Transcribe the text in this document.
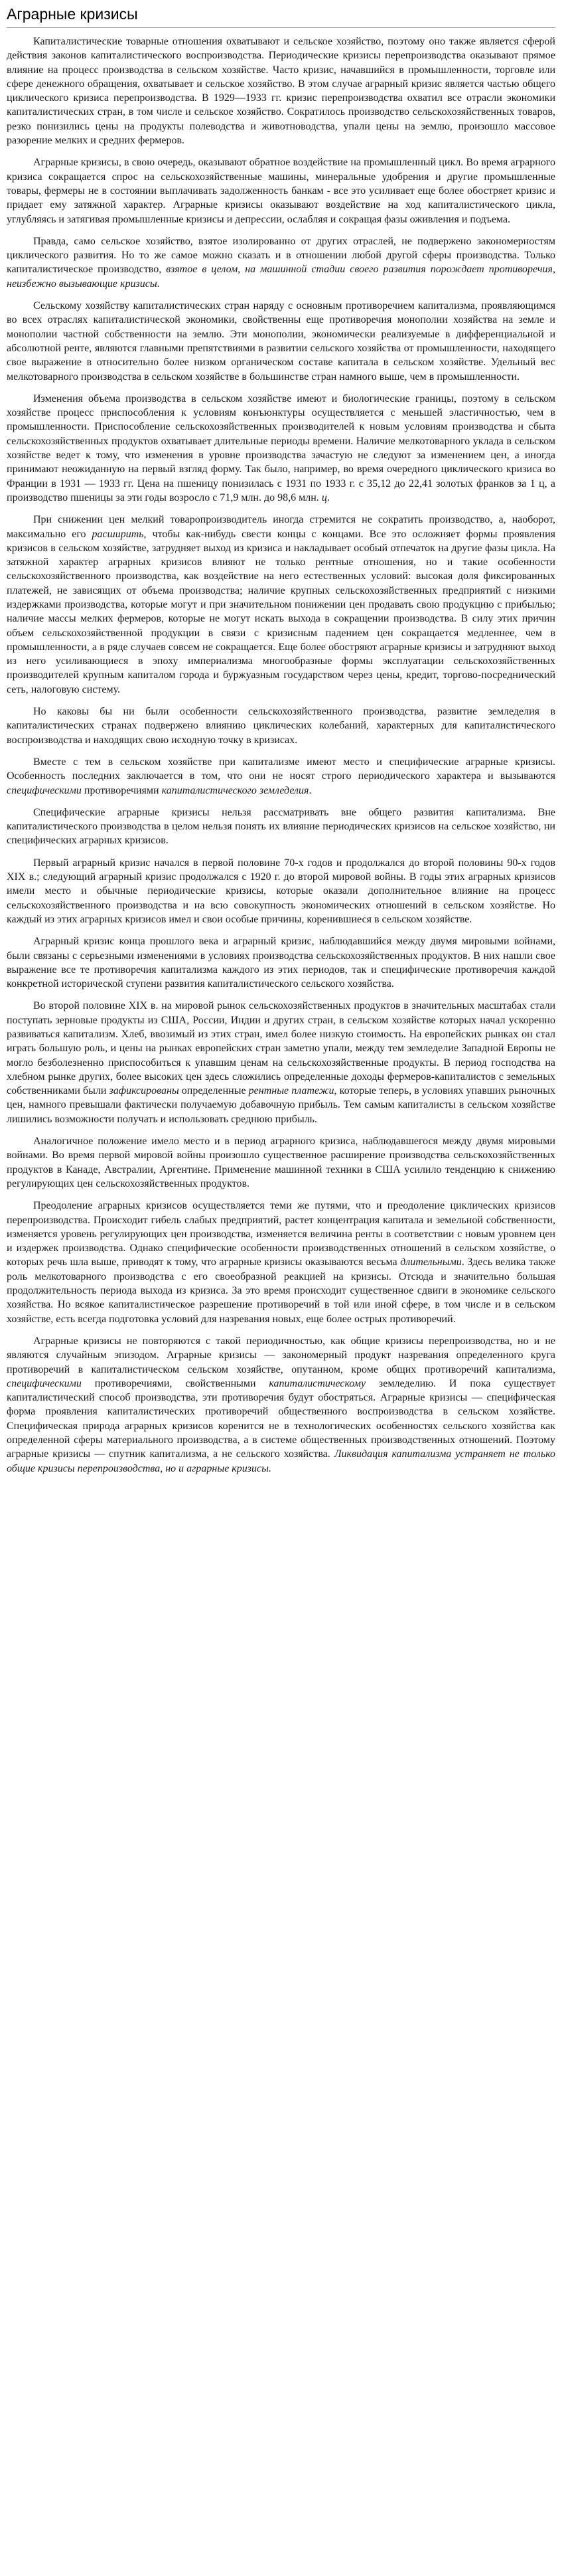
Аграрные кризисы

Капиталистические товарные отношения охватывают и сельское хозяйство, поэтому оно также является сферой действия законов капиталистического воспроизводства. Периодические кризисы перепроизводства оказывают прямое влияние на процесс производства в сельском хозяйстве. Часто кризис, начавшийся в промышленности, торговле или сфере денежного обращения, охватывает и сельское хозяйство. В этом случае аграрный кризис является частью общего циклического кризиса перепроизводства. В 1929—1933 гг. кризис перепроизводства охватил все отрасли экономики капиталистических стран, в том числе и сельское хозяйство. Сократилось производство сельскохозяйственных товаров, резко понизились цены на продукты полеводства и животноводства, упали цены на землю, произошло массовое разорение мелких и средних фермеров.

Аграрные кризисы, в свою очередь, оказывают обратное воздействие на промышленный цикл. Во время аграрного кризиса сокращается спрос на сельскохозяйственные машины, минеральные удобрения и другие промышленные товары, фермеры не в состоянии выплачивать задолженность банкам - все это усиливает еще более обостряет кризис и придает ему затяжной характер. Аграрные кризисы оказывают воздействие на ход капиталистического цикла, углубляясь и затягивая промышленные кризисы и депрессии, ослабляя и сокращая фазы оживления и подъема.

Правда, само сельское хозяйство, взятое изолированно от других отраслей, не подвержено закономерностям циклического развития. Но то же самое можно сказать и в отношении любой другой сферы производства. Только капиталистическое производство, взятое в целом, на машинной стадии своего развития порождает противоречия, неизбежно вызывающие кризисы.

Сельскому хозяйству капиталистических стран наряду с основным противоречием капитализма, проявляющимся во всех отраслях капиталистической экономики, свойственны еще противоречия монополии хозяйства на земле и монополии частной собственности на землю. Эти монополии, экономически реализуемые в дифференциальной и абсолютной ренте, являются главными препятствиями в развитии сельского хозяйства от промышленности, находящего свое выражение в относительно более низком органическом составе капитала в сельском хозяйстве. Удельный вес мелкотоварного производства в сельском хозяйстве в большинстве стран намного выше, чем в промышленности.

Изменения объема производства в сельском хозяйстве имеют и биологические границы, поэтому в сельском хозяйстве процесс приспособления к условиям конъюнктуры осуществляется с меньшей эластичностью, чем в промышленности. Приспособление сельскохозяйственных производителей к новым условиям производства и сбыта сельскохозяйственных продуктов охватывает длительные периоды времени. Наличие мелкотоварного уклада в сельском хозяйстве ведет к тому, что изменения в уровне производства зачастую не следуют за изменением цен, а иногда принимают неожиданную на первый взгляд форму. Так было, например, во время очередного циклического кризиса во Франции в 1931 — 1933 гг. Цена на пшеницу понизилась с 1931 по 1933 г. с 35,12 до 22,41 золотых франков за 1 ц, а производство пшеницы за эти годы возросло с 71,9 млн. до 98,6 млн. ц.

При снижении цен мелкий товаропроизводитель иногда стремится не сократить производство, а, наоборот, максимально его расширить, чтобы как-нибудь свести концы с концами. Все это осложняет формы проявления кризисов в сельском хозяйстве, затрудняет выход из кризиса и накладывает особый отпечаток на другие фазы цикла. На затяжной характер аграрных кризисов влияют не только рентные отношения, но и такие особенности сельскохозяйственного производства, как воздействие на него естественных условий: высокая доля фиксированных платежей, не зависящих от объема производства; наличие крупных сельскохозяйственных предприятий с низкими издержками производства, которые могут и при значительном понижении цен продавать свою продукцию с прибылью; наличие массы мелких фермеров, которые не могут искать выхода в сокращении производства. В силу этих причин объем сельскохозяйственной продукции в связи с кризисным падением цен сокращается медленнее, чем в промышленности, а в ряде случаев совсем не сокращается. Еще более обостряют аграрные кризисы и затрудняют выход из него усиливающиеся в эпоху империализма многообразные формы эксплуатации сельскохозяйственных производителей крупным капиталом города и буржуазным государством через цены, кредит, торгово-посреднический сеть, налоговую систему.

Но каковы бы ни были особенности сельскохозяйственного производства, развитие земледелия в капиталистических странах подвержено влиянию циклических колебаний, характерных для капиталистического воспроизводства и находящих свою исходную точку в кризисах.

Вместе с тем в сельском хозяйстве при капитализме имеют место и специфические аграрные кризисы. Особенность последних заключается в том, что они не носят строго периодического характера и вызываются специфическими противоречиями капиталистического земледелия.

Специфические аграрные кризисы нельзя рассматривать вне общего развития капитализма. Вне капиталистического производства в целом нельзя понять их влияние периодических кризисов на сельское хозяйство, ни специфических аграрных кризисов.

Первый аграрный кризис начался в первой половине 70-х годов и продолжался до второй половины 90-х годов XIX в.; следующий аграрный кризис продолжался с 1920 г. до второй мировой войны. В годы этих аграрных кризисов имели место и обычные периодические кризисы, которые оказали дополнительное влияние на процесс сельскохозяйственного производства и на всю совокупность экономических отношений в сельском хозяйстве. Но каждый из этих аграрных кризисов имел и свои особые причины, коренившиеся в сельском хозяйстве.

Аграрный кризис конца прошлого века и аграрный кризис, наблюдавшийся между двумя мировыми войнами, были связаны с серьезными изменениями в условиях производства сельскохозяйственных продуктов. В них нашли свое выражение все те противоречия капитализма каждого из этих периодов, так и специфические противоречия каждой конкретной исторической ступени развития капиталистического сельского хозяйства.

Во второй половине XIX в. на мировой рынок сельскохозяйственных продуктов в значительных масштабах стали поступать зерновые продукты из США, России, Индии и других стран, в сельском хозяйстве которых начал ускоренно развиваться капитализм. Хлеб, ввозимый из этих стран, имел более низкую стоимость. На европейских рынках он стал играть большую роль, и цены на рынках европейских стран заметно упали, между тем земледелие Западной Европы не могло безболезненно приспособиться к упавшим ценам на сельскохозяйственные продукты. В период господства на хлебном рынке других, более высоких цен здесь сложились определенные доходы фермеров-капиталистов с земельных собственниками были зафиксированы определенные рентные платежи, которые теперь, в условиях упавших рыночных цен, намного превышали фактически получаемую добавочную прибыль. Тем самым капиталисты в сельском хозяйстве лишились возможности получать и использовать среднюю прибыль.

Аналогичное положение имело место и в период аграрного кризиса, наблюдавшегося между двумя мировыми войнами. Во время первой мировой войны произошло существенное расширение производства сельскохозяйственных продуктов в Канаде, Австралии, Аргентине. Применение машинной техники в США усилило тенденцию к снижению регулирующих цен сельскохозяйственных продуктов.

Преодоление аграрных кризисов осуществляется теми же путями, что и преодоление циклических кризисов перепроизводства. Происходит гибель слабых предприятий, растет концентрация капитала и земельной собственности, изменяется уровень регулирующих цен производства, изменяется величина ренты в соответствии с новым уровнем цен и издержек производства. Однако специфические особенности производственных отношений в сельском хозяйстве, о которых речь шла выше, приводят к тому, что аграрные кризисы оказываются весьма длительными. Здесь велика также роль мелкотоварного производства с его своеобразной реакцией на кризисы. Отсюда и значительно большая продолжительность периода выхода из кризиса. За это время происходит существенное сдвиги в экономике сельского хозяйства. Но всякое капиталистическое разрешение противоречий в той или иной сфере, в том числе и в сельском хозяйстве, есть всегда подготовка условий для назревания новых, еще более острых противоречий.

Аграрные кризисы не повторяются с такой периодичностью, как общие кризисы перепроизводства, но и не являются случайным эпизодом. Аграрные кризисы — закономерный продукт назревания определенного круга противоречий в капиталистическом сельском хозяйстве, опутанном, кроме общих противоречий капитализма, специфическими противоречиями, свойственными капиталистическому земледелию. И пока существует капиталистический способ производства, эти противоречия будут обостряться. Аграрные кризисы — специфическая форма проявления капиталистических противоречий общественного воспроизводства в сельском хозяйстве. Специфическая природа аграрных кризисов коренится не в технологических особенностях сельского хозяйства как определенной сферы материального производства, а в системе общественных производственных отношений. Поэтому аграрные кризисы — спутник капитализма, а не сельского хозяйства. Ликвидация капитализма устраняет не только общие кризисы перепроизводства, но и аграрные кризисы.
